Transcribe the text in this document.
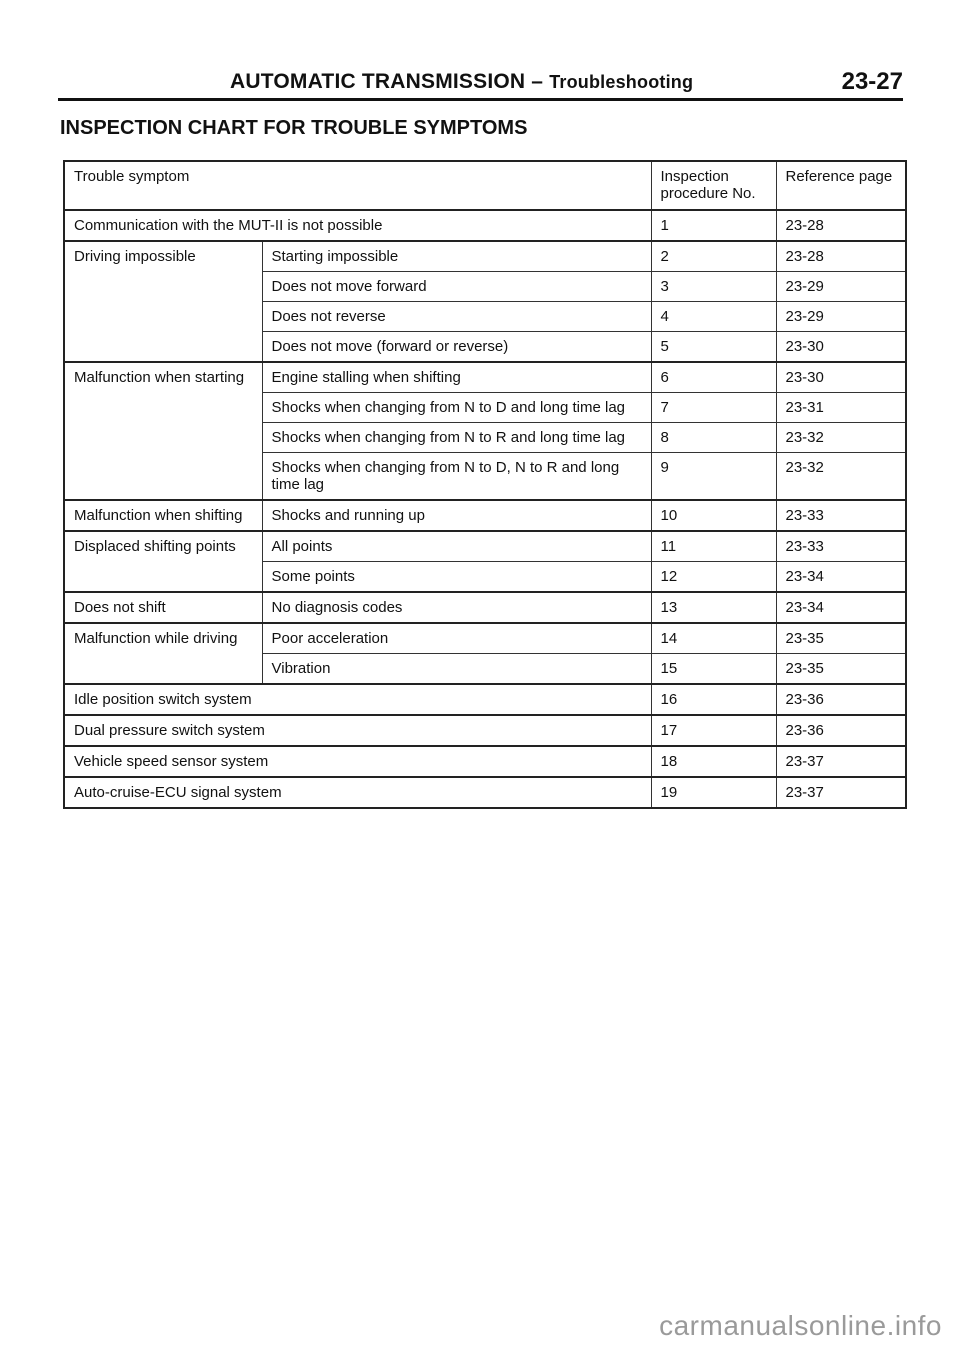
AUTOMATIC TRANSMISSION – Troubleshooting	23-27
INSPECTION CHART FOR TROUBLE SYMPTOMS
Trouble symptom		Inspection procedure No.	Reference page
Communication with the MUT-II is not possible		1	23-28
Driving impossible	Starting impossible	2	23-28
	Does not move forward	3	23-29
	Does not reverse	4	23-29
	Does not move (forward or reverse)	5	23-30
Malfunction when starting	Engine stalling when shifting	6	23-30
	Shocks when changing from N to D and long time lag	7	23-31
	Shocks when changing from N to R and long time lag	8	23-32
	Shocks when changing from N to D, N to R and long time lag	9	23-32
Malfunction when shifting	Shocks and running up	10	23-33
Displaced shifting points	All points	11	23-33
	Some points	12	23-34
Does not shift	No diagnosis codes	13	23-34
Malfunction while driving	Poor acceleration	14	23-35
	Vibration	15	23-35
Idle position switch system		16	23-36
Dual pressure switch system		17	23-36
Vehicle speed sensor system		18	23-37
Auto-cruise-ECU signal system		19	23-37
carmanualsonline.info
